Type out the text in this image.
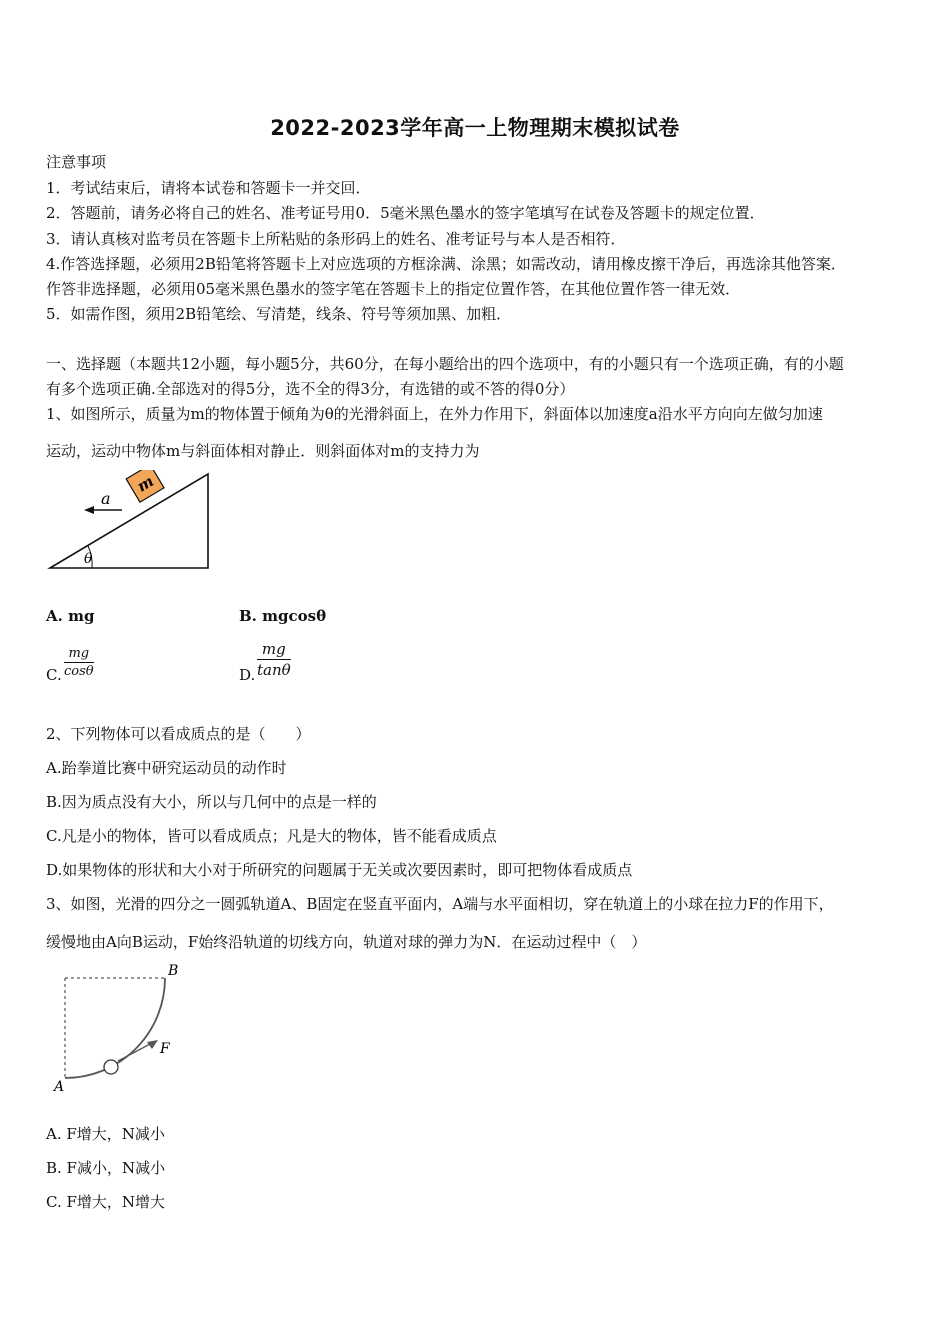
2022-2023学年高一上物理期末模拟试卷
注意事项
1．考试结束后，请将本试卷和答题卡一并交回．
2．答题前，请务必将自己的姓名、准考证号用0．5毫米黑色墨水的签字笔填写在试卷及答题卡的规定位置．
3．请认真核对监考员在答题卡上所粘贴的条形码上的姓名、准考证号与本人是否相符．
4.作答选择题，必须用2B铅笔将答题卡上对应选项的方框涂满、涂黑；如需改动，请用橡皮擦干净后，再选涂其他答案．
作答非选择题，必须用05毫米黑色墨水的签字笔在答题卡上的指定位置作答，在其他位置作答一律无效．
5．如需作图，须用2B铅笔绘、写清楚，线条、符号等须加黑、加粗．
一、选择题（本题共12小题，每小题5分，共60分，在每小题给出的四个选项中，有的小题只有一个选项正确，有的小题
有多个选项正确.全部选对的得5分，选不全的得3分，有选错的或不答的得0分）
1、如图所示，质量为m的物体置于倾角为θ的光滑斜面上，在外力作用下，斜面体以加速度a沿水平方向向左做匀加速
运动，运动中物体m与斜面体相对静止．则斜面体对m的支持力为
θ
m
a
A. mg	B. mgcosθ
C. $\frac{mg}{\cos\theta}$	D. $\frac{mg}{\tan\theta}$
2、下列物体可以看成质点的是（　　）
A.跆拳道比赛中研究运动员的动作时
B.因为质点没有大小，所以与几何中的点是一样的
C.凡是小的物体，皆可以看成质点；凡是大的物体，皆不能看成质点
D.如果物体的形状和大小对于所研究的问题属于无关或次要因素时，即可把物体看成质点
3、如图，光滑的四分之一圆弧轨道A、B固定在竖直平面内，A端与水平面相切，穿在轨道上的小球在拉力F的作用下，
缓慢地由A向B运动，F始终沿轨道的切线方向，轨道对球的弹力为N．在运动过程中（　）
F
B
A
A. F增大，N减小
B. F减小，N减小
C. F增大，N增大
